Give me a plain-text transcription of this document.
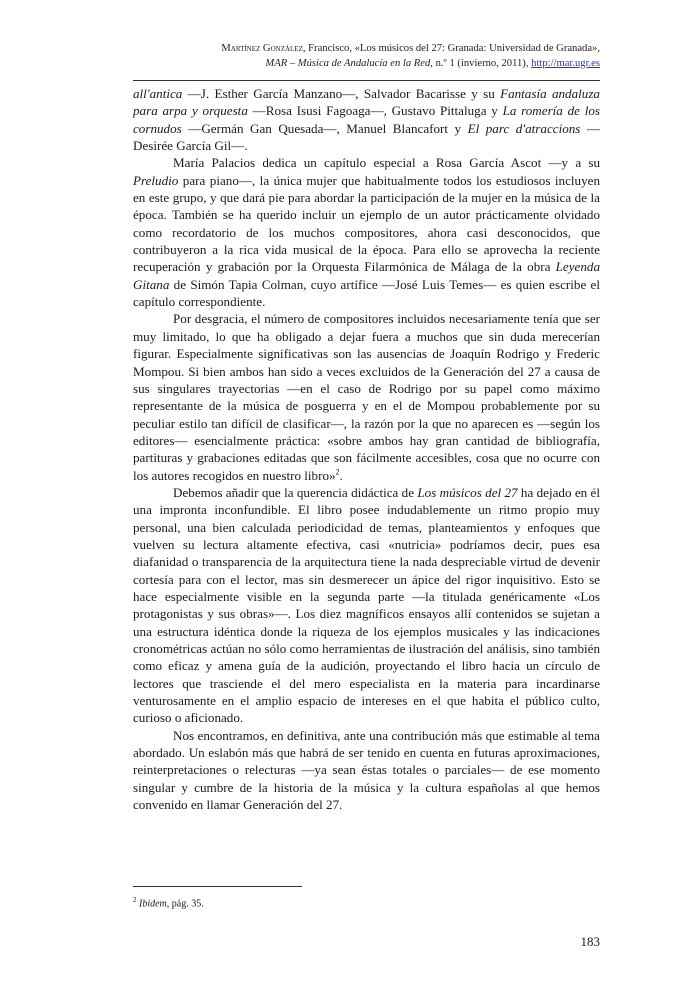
Martínez González, Francisco, «Los músicos del 27: Granada: Universidad de Granada»,
MAR – Música de Andalucía en la Red, n.º 1 (invierno, 2011), http://mar.ugr.es

all'antica —J. Esther García Manzano—, Salvador Bacarisse y su Fantasía andaluza para arpa y orquesta —Rosa Isusi Fagoaga—, Gustavo Pittaluga y La romería de los cornudos —Germán Gan Quesada—, Manuel Blancafort y El parc d'atraccions —Desirée García Gil—.

María Palacios dedica un capítulo especial a Rosa García Ascot —y a su Preludio para piano—, la única mujer que habitualmente todos los estudiosos incluyen en este grupo, y que dará pie para abordar la participación de la mujer en la música de la época. También se ha querido incluir un ejemplo de un autor prácticamente olvidado como recordatorio de los muchos compositores, ahora casi desconocidos, que contribuyeron a la rica vida musical de la época. Para ello se aprovecha la reciente recuperación y grabación por la Orquesta Filarmónica de Málaga de la obra Leyenda Gitana de Simón Tapia Colman, cuyo artífice —José Luis Temes— es quien escribe el capítulo correspondiente.

Por desgracia, el número de compositores incluidos necesariamente tenía que ser muy limitado, lo que ha obligado a dejar fuera a muchos que sin duda merecerían figurar. Especialmente significativas son las ausencias de Joaquín Rodrigo y Frederic Mompou. Si bien ambos han sido a veces excluidos de la Generación del 27 a causa de sus singulares trayectorias —en el caso de Rodrigo por su papel como máximo representante de la música de posguerra y en el de Mompou probablemente por su peculiar estilo tan difícil de clasificar—, la razón por la que no aparecen es —según los editores— esencialmente práctica: «sobre ambos hay gran cantidad de bibliografía, partituras y grabaciones editadas que son fácilmente accesibles, cosa que no ocurre con los autores recogidos en nuestro libro»$^2$.

Debemos añadir que la querencia didáctica de Los músicos del 27 ha dejado en él una impronta inconfundible. El libro posee indudablemente un ritmo propio muy personal, una bien calculada periodicidad de temas, planteamientos y enfoques que vuelven su lectura altamente efectiva, casi «nutricia» podríamos decir, pues esa diafanidad o transparencia de la arquitectura tiene la nada despreciable virtud de devenir cortesía para con el lector, mas sin desmerecer un ápice del rigor inquisitivo. Esto se hace especialmente visible en la segunda parte —la titulada genéricamente «Los protagonistas y sus obras»—. Los diez magníficos ensayos allí contenidos se sujetan a una estructura idéntica donde la riqueza de los ejemplos musicales y las indicaciones cronométricas actúan no sólo como herramientas de ilustración del análisis, sino también como eficaz y amena guía de la audición, proyectando el libro hacia un círculo de lectores que trasciende el del mero especialista en la materia para incardinarse venturosamente en el amplio espacio de intereses en el que habita el público culto, curioso o aficionado.

Nos encontramos, en definitiva, ante una contribución más que estimable al tema abordado. Un eslabón más que habrá de ser tenido en cuenta en futuras aproximaciones, reinterpretaciones o relecturas —ya sean éstas totales o parciales— de ese momento singular y cumbre de la historia de la música y la cultura españolas al que hemos convenido en llamar Generación del 27.

$^2$ Ibidem, pág. 35.
183
